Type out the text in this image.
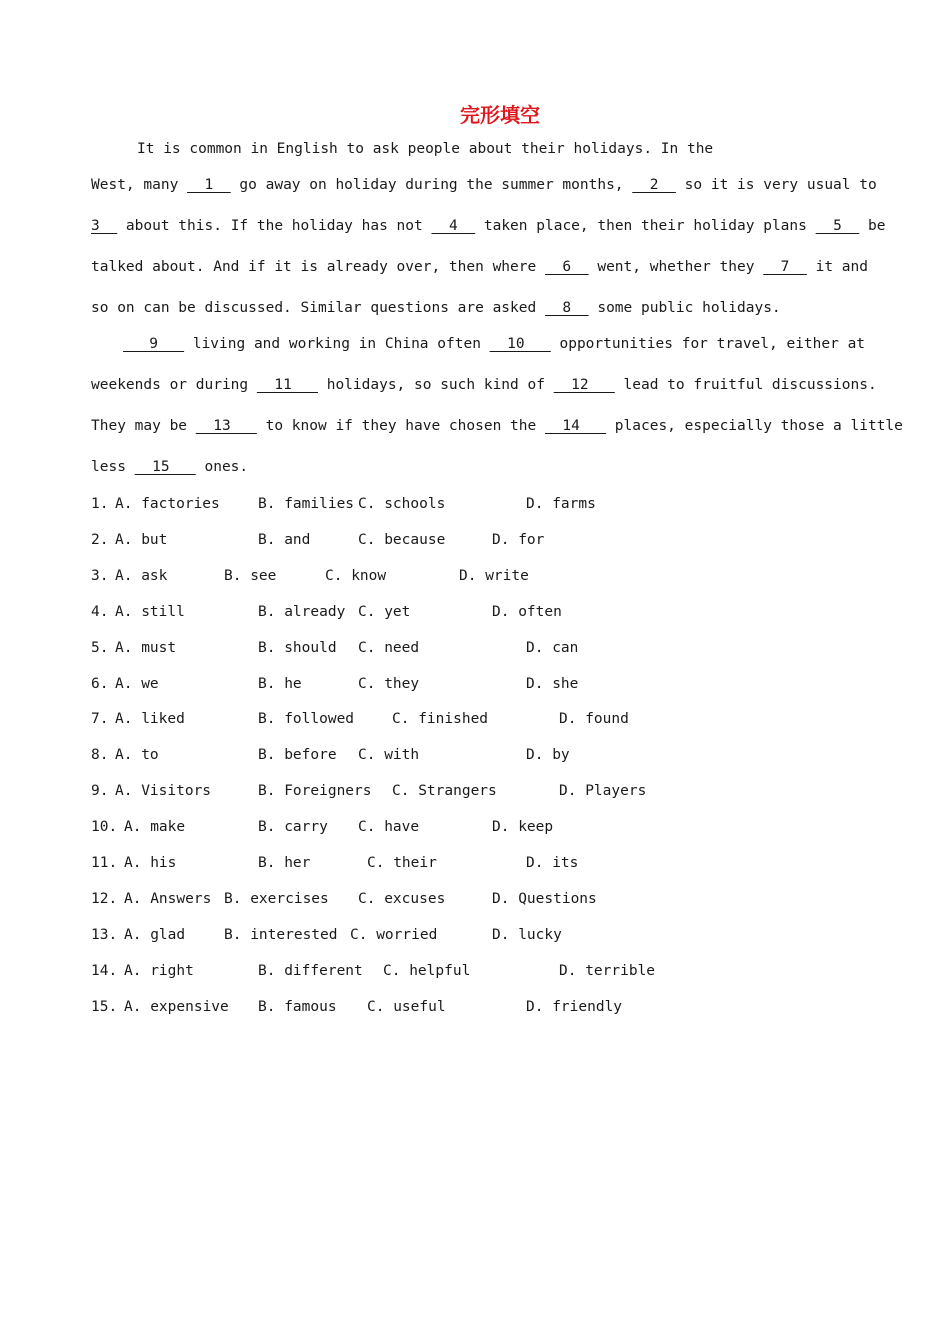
完形填空
It is common in English to ask people about their holidays. In the
West, many   1   go away on holiday during the summer months,   2   so it is very usual to
3   about this. If the holiday has not   4   taken place, then their holiday plans   5   be
talked about. And if it is already over, then where   6   went, whether they   7   it and
so on can be discussed. Similar questions are asked   8   some public holidays.
9    living and working in China often   10    opportunities for travel, either at
weekends or during   11    holidays, so such kind of   12    lead to fruitful discussions.
They may be   13    to know if they have chosen the   14    places, especially those a little
less   15    ones.
1. A. factories	B. families C. schools	D. farms
2. A. but	B. and	C. because	D. for
3. A. ask	B. see	C. know	D. write
4. A. still	B. already C. yet	D. often
5. A. must	B. should C. need	D. can
6. A. we	B. he	C. they	D. she
7. A. liked	B. followed	C. finished	D. found
8. A. to	B. before C. with	D. by
9. A. Visitors	B. Foreigners C. Strangers	D. Players
10. A. make	B. carry C. have	D. keep
11. A. his	B. her	C. their	D. its
12. A. Answers B. exercises C. excuses	D. Questions
13. A. glad	B. interested C. worried	D. lucky
14. A. right	B. different C. helpful	D. terrible
15. A. expensive B. famous C. useful	D. friendly
